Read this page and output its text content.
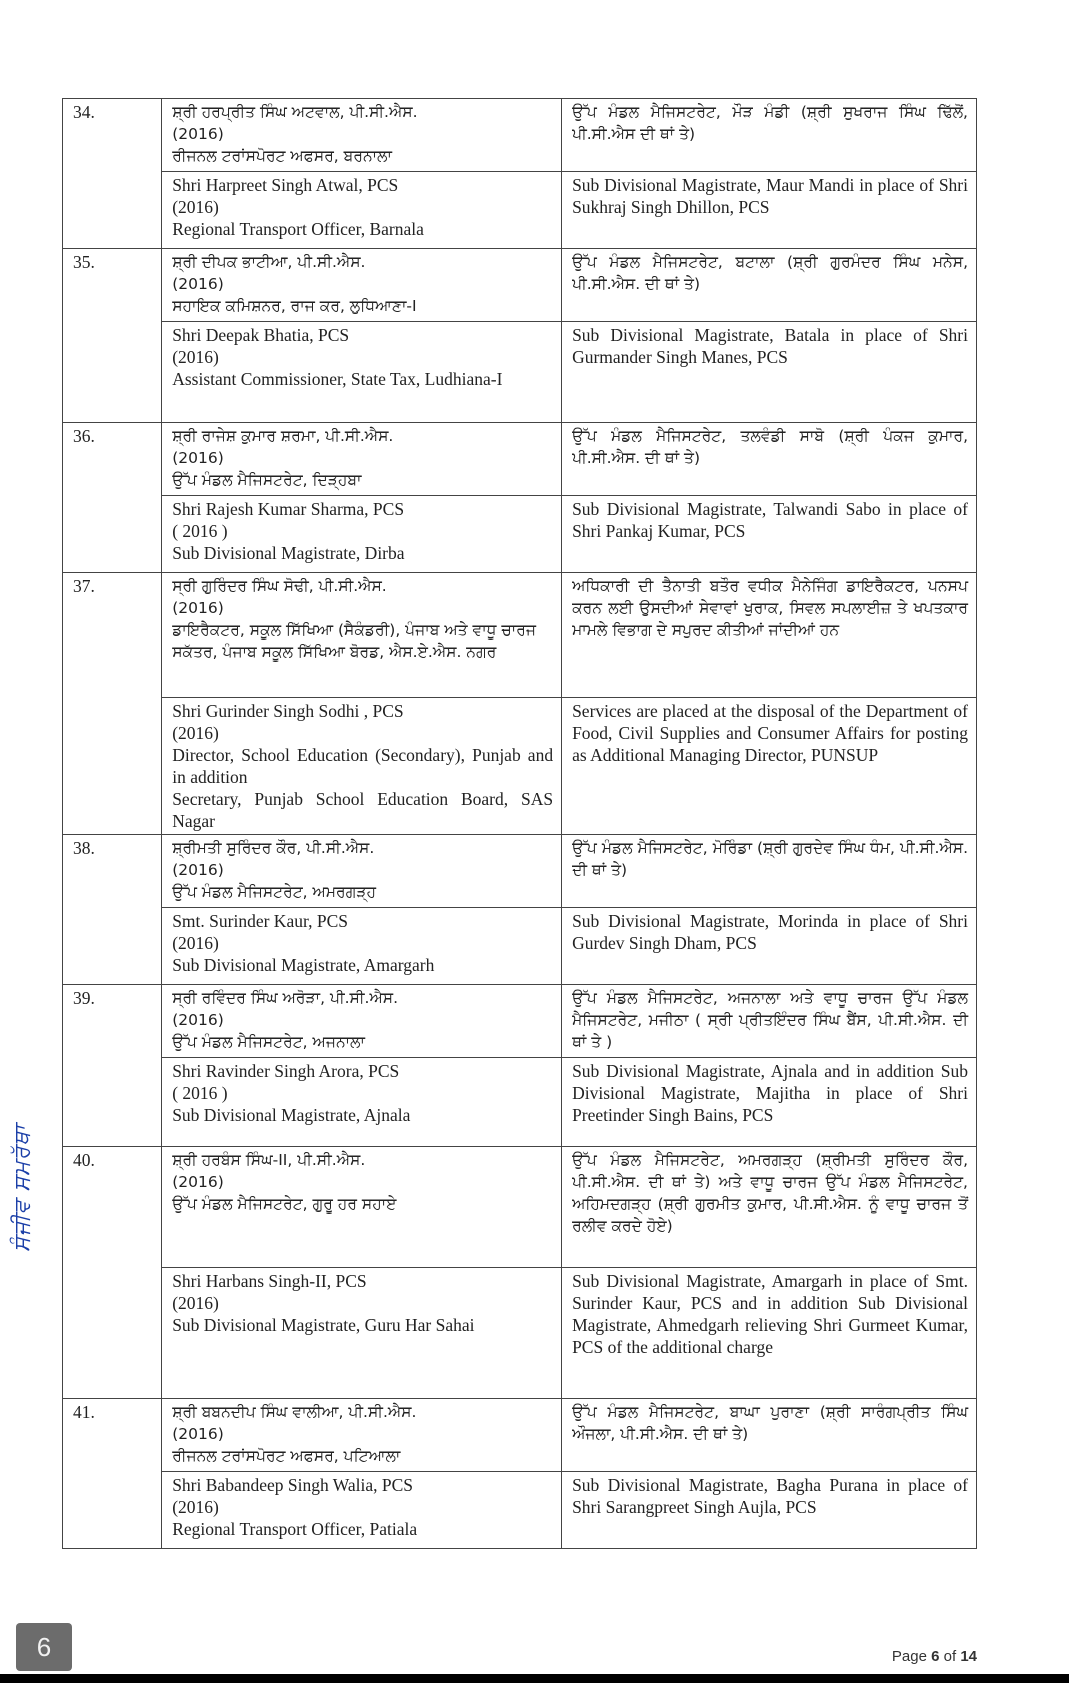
34.	ਸ਼੍ਰੀ ਹਰਪ੍ਰੀਤ ਸਿੰਘ ਅਟਵਾਲ, ਪੀ.ਸੀ.ਐਸ.
(2016)
ਰੀਜਨਲ ਟਰਾਂਸਪੋਰਟ ਅਫਸਰ, ਬਰਨਾਲਾ	ਉੱਪ ਮੰਡਲ ਮੈਜਿਸਟਰੇਟ, ਮੌੜ ਮੰਡੀ (ਸ਼੍ਰੀ ਸੁਖਰਾਜ ਸਿੰਘ ਢਿੱਲੋਂ, ਪੀ.ਸੀ.ਐਸ ਦੀ ਥਾਂ ਤੇ)

	Shri Harpreet Singh Atwal, PCS
(2016)
Regional Transport Officer, Barnala	Sub Divisional Magistrate, Maur Mandi in place of Shri Sukhraj Singh Dhillon, PCS
35.	ਸ਼੍ਰੀ ਦੀਪਕ ਭਾਟੀਆ, ਪੀ.ਸੀ.ਐਸ.
(2016)
ਸਹਾਇਕ ਕਮਿਸ਼ਨਰ, ਰਾਜ ਕਰ, ਲੁਧਿਆਣਾ-I	ਉੱਪ ਮੰਡਲ ਮੈਜਿਸਟਰੇਟ, ਬਟਾਲਾ (ਸ਼੍ਰੀ ਗੁਰਮੰਦਰ ਸਿੰਘ ਮਨੇਸ, ਪੀ.ਸੀ.ਐਸ. ਦੀ ਥਾਂ ਤੇ)

	Shri Deepak Bhatia, PCS
(2016)
Assistant Commissioner, State Tax, Ludhiana-I	Sub Divisional Magistrate, Batala in place of Shri Gurmander Singh Manes, PCS
36.	ਸ਼੍ਰੀ ਰਾਜੇਸ਼ ਕੁਮਾਰ ਸ਼ਰਮਾ, ਪੀ.ਸੀ.ਐਸ.
(2016)
ਉੱਪ ਮੰਡਲ ਮੈਜਿਸਟਰੇਟ, ਦਿੜ੍ਹਬਾ	ਉੱਪ ਮੰਡਲ ਮੈਜਿਸਟਰੇਟ, ਤਲਵੰਡੀ ਸਾਬੋ (ਸ਼੍ਰੀ ਪੰਕਜ ਕੁਮਾਰ, ਪੀ.ਸੀ.ਐਸ. ਦੀ ਥਾਂ ਤੇ)

	Shri Rajesh Kumar Sharma, PCS
( 2016 )
Sub Divisional Magistrate, Dirba	Sub Divisional Magistrate, Talwandi Sabo in place of Shri Pankaj Kumar, PCS
37.	ਸ੍ਰੀ ਗੁਰਿੰਦਰ ਸਿੰਘ ਸੋਢੀ, ਪੀ.ਸੀ.ਐਸ.
(2016)
ਡਾਇਰੈਕਟਰ, ਸਕੂਲ ਸਿੱਖਿਆ (ਸੈਕੰਡਰੀ), ਪੰਜਾਬ ਅਤੇ ਵਾਧੂ ਚਾਰਜ ਸਕੱਤਰ, ਪੰਜਾਬ ਸਕੂਲ ਸਿੱਖਿਆ ਬੋਰਡ, ਐਸ.ਏ.ਐਸ. ਨਗਰ	ਅਧਿਕਾਰੀ ਦੀ ਤੈਨਾਤੀ ਬਤੌਰ ਵਧੀਕ ਮੈਨੇਜਿੰਗ ਡਾਇਰੈਕਟਰ, ਪਨਸਪ ਕਰਨ ਲਈ ਉਸਦੀਆਂ ਸੇਵਾਵਾਂ ਖੁਰਾਕ, ਸਿਵਲ ਸਪਲਾਈਜ਼ ਤੇ ਖਪਤਕਾਰ ਮਾਮਲੇ ਵਿਭਾਗ ਦੇ ਸਪੁਰਦ ਕੀਤੀਆਂ ਜਾਂਦੀਆਂ ਹਨ

	Shri Gurinder Singh Sodhi , PCS
(2016)
Director, School Education (Secondary), Punjab and in addition
Secretary, Punjab School Education Board, SAS Nagar	Services are placed at the disposal of the Department of Food, Civil Supplies and Consumer Affairs for posting as Additional Managing Director, PUNSUP
38.	ਸ਼੍ਰੀਮਤੀ ਸੁਰਿੰਦਰ ਕੌਰ, ਪੀ.ਸੀ.ਐਸ.
(2016)
ਉੱਪ ਮੰਡਲ ਮੈਜਿਸਟਰੇਟ, ਅਮਰਗੜ੍ਹ	ਉੱਪ ਮੰਡਲ ਮੈਜਿਸਟਰੇਟ, ਮੋਰਿੰਡਾ (ਸ਼੍ਰੀ ਗੁਰਦੇਵ ਸਿੰਘ ਧੰਮ, ਪੀ.ਸੀ.ਐਸ. ਦੀ ਥਾਂ ਤੇ)

	Smt. Surinder Kaur, PCS
(2016)
Sub Divisional Magistrate, Amargarh	Sub Divisional Magistrate, Morinda in place of Shri Gurdev Singh Dham, PCS
39.	ਸ੍ਰੀ ਰਵਿੰਦਰ ਸਿੰਘ ਅਰੋੜਾ, ਪੀ.ਸੀ.ਐਸ.
(2016)
ਉੱਪ ਮੰਡਲ ਮੈਜਿਸਟਰੇਟ, ਅਜਨਾਲਾ	ਉੱਪ ਮੰਡਲ ਮੈਜਿਸਟਰੇਟ, ਅਜਨਾਲਾ ਅਤੇ ਵਾਧੂ ਚਾਰਜ ਉੱਪ ਮੰਡਲ ਮੈਜਿਸਟਰੇਟ, ਮਜੀਠਾ ( ਸ੍ਰੀ ਪ੍ਰੀਤਇੰਦਰ ਸਿੰਘ ਬੈਂਸ, ਪੀ.ਸੀ.ਐਸ. ਦੀ ਥਾਂ ਤੇ )

	Shri Ravinder Singh Arora, PCS
( 2016 )
Sub Divisional Magistrate, Ajnala	Sub Divisional Magistrate, Ajnala and in addition Sub Divisional Magistrate, Majitha in place of Shri Preetinder Singh Bains, PCS
40.	ਸ਼੍ਰੀ ਹਰਬੰਸ ਸਿੰਘ-II, ਪੀ.ਸੀ.ਐਸ.
(2016)
ਉੱਪ ਮੰਡਲ ਮੈਜਿਸਟਰੇਟ, ਗੁਰੂ ਹਰ ਸਹਾਏ	ਉੱਪ ਮੰਡਲ ਮੈਜਿਸਟਰੇਟ, ਅਮਰਗੜ੍ਹ (ਸ਼੍ਰੀਮਤੀ ਸੁਰਿੰਦਰ ਕੌਰ, ਪੀ.ਸੀ.ਐਸ. ਦੀ ਥਾਂ ਤੇ) ਅਤੇ ਵਾਧੂ ਚਾਰਜ ਉੱਪ ਮੰਡਲ ਮੈਜਿਸਟਰੇਟ, ਅਹਿਮਦਗੜ੍ਹ (ਸ਼੍ਰੀ ਗੁਰਮੀਤ ਕੁਮਾਰ, ਪੀ.ਸੀ.ਐਸ. ਨੂੰ ਵਾਧੂ ਚਾਰਜ ਤੋਂ ਰਲੀਵ ਕਰਦੇ ਹੋਏ)

	Shri Harbans Singh-II, PCS
(2016)
Sub Divisional Magistrate, Guru Har Sahai	Sub Divisional Magistrate, Amargarh in place of Smt. Surinder Kaur, PCS and in addition Sub Divisional Magistrate, Ahmedgarh relieving Shri Gurmeet Kumar, PCS of the additional charge
41.	ਸ਼੍ਰੀ ਬਬਨਦੀਪ ਸਿੰਘ ਵਾਲੀਆ, ਪੀ.ਸੀ.ਐਸ.
(2016)
ਰੀਜਨਲ ਟਰਾਂਸਪੋਰਟ ਅਫਸਰ, ਪਟਿਆਲਾ	ਉੱਪ ਮੰਡਲ ਮੈਜਿਸਟਰੇਟ, ਬਾਘਾ ਪੁਰਾਣਾ (ਸ਼੍ਰੀ ਸਾਰੰਗਪ੍ਰੀਤ ਸਿੰਘ ਔਜਲਾ, ਪੀ.ਸੀ.ਐਸ. ਦੀ ਥਾਂ ਤੇ)

	Shri Babandeep Singh Walia, PCS
(2016)
Regional Transport Officer, Patiala	Sub Divisional Magistrate, Bagha Purana in place of Shri Sarangpreet Singh Aujla, PCS
ਸੰਜੀਵ ਸਮਰੱਥਾ
6	Page 6 of 14
